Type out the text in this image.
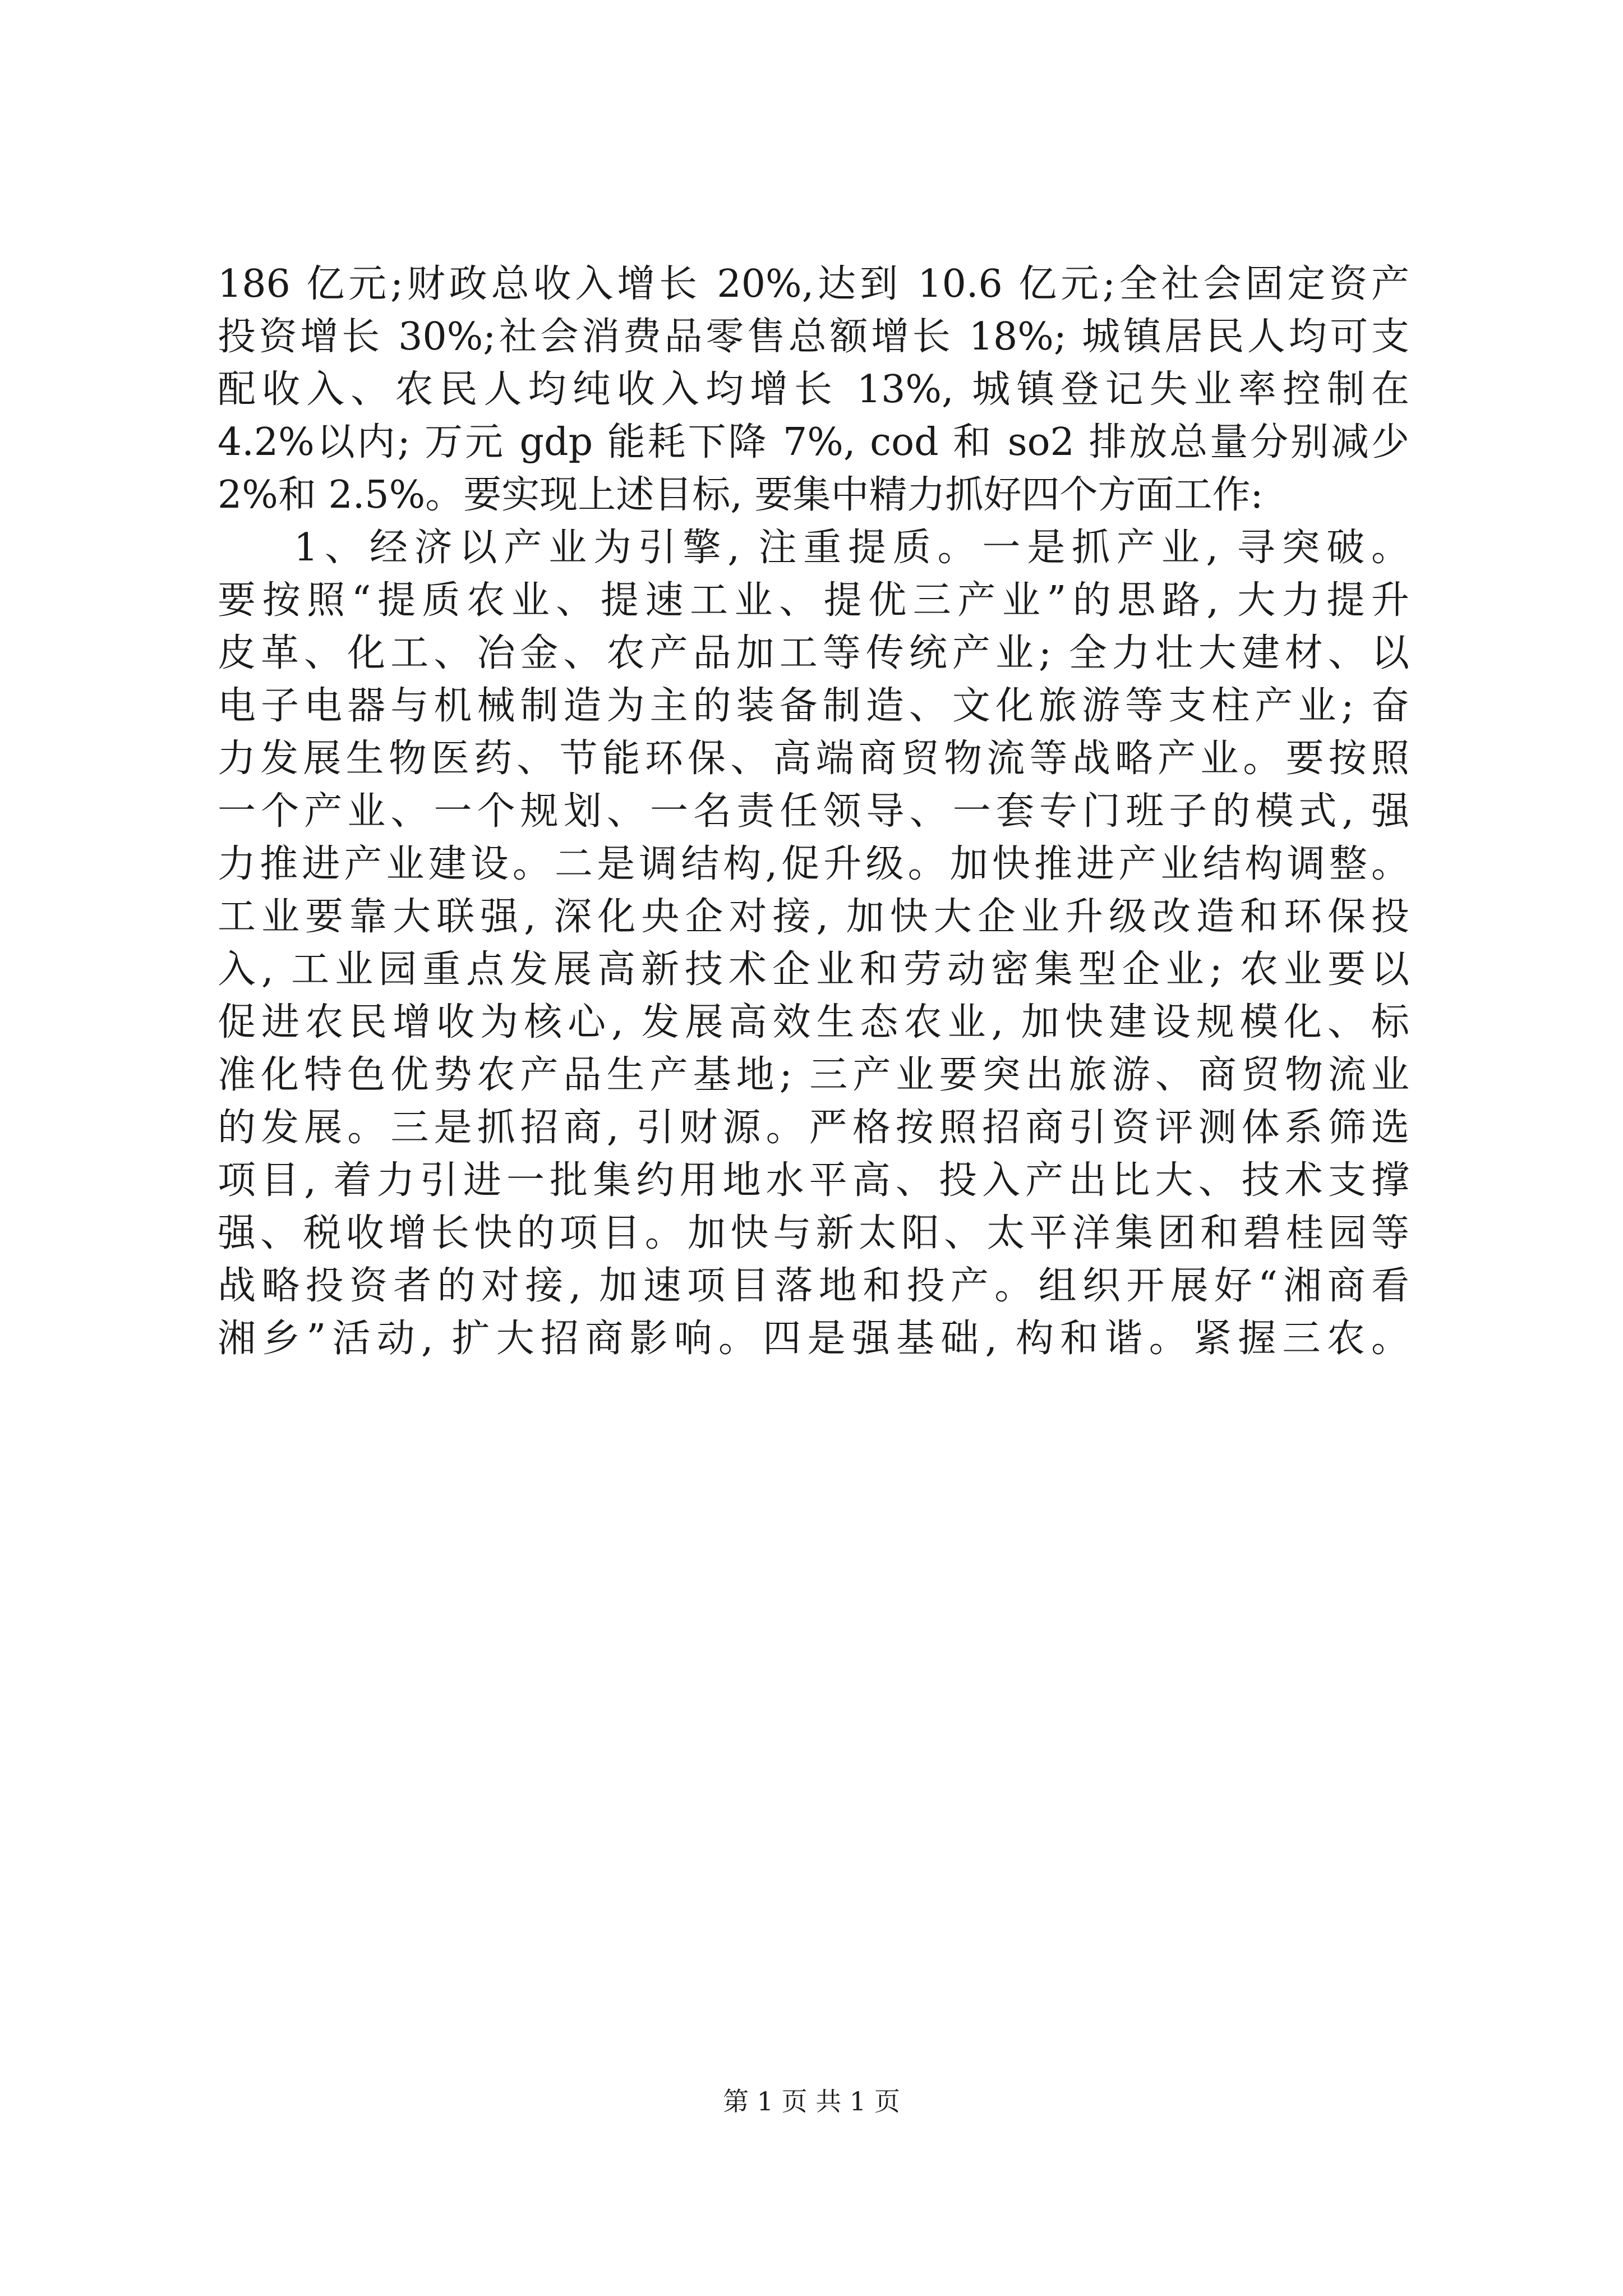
186 亿元;财政总收入增长 20%,达到 10.6 亿元;全社会固定资产
投资增长 30%;社会消费品零售总额增长 18%; 城镇居民人均可支
配收入、农民人均纯收入均增长 13%, 城镇登记失业率控制在
4.2%以内; 万元 gdp 能耗下降 7%, cod 和 so2 排放总量分别减少
2%和 2.5%。要实现上述目标, 要集中精力抓好四个方面工作:
1、经济以产业为引擎, 注重提质。一是抓产业, 寻突破。
要按照“提质农业、提速工业、提优三产业”的思路, 大力提升
皮革、化工、冶金、农产品加工等传统产业; 全力壮大建材、以
电子电器与机械制造为主的装备制造、文化旅游等支柱产业; 奋
力发展生物医药、节能环保、高端商贸物流等战略产业。要按照
一个产业、一个规划、一名责任领导、一套专门班子的模式, 强
力推进产业建设。二是调结构,促升级。加快推进产业结构调整。
工业要靠大联强, 深化央企对接, 加快大企业升级改造和环保投
入, 工业园重点发展高新技术企业和劳动密集型企业; 农业要以
促进农民增收为核心, 发展高效生态农业, 加快建设规模化、标
准化特色优势农产品生产基地; 三产业要突出旅游、商贸物流业
的发展。三是抓招商, 引财源。严格按照招商引资评测体系筛选
项目, 着力引进一批集约用地水平高、投入产出比大、技术支撑
强、税收增长快的项目。加快与新太阳、太平洋集团和碧桂园等
战略投资者的对接, 加速项目落地和投产。组织开展好“湘商看
湘乡”活动, 扩大招商影响。四是强基础, 构和谐。紧握三农。
第 1 页 共 1 页
